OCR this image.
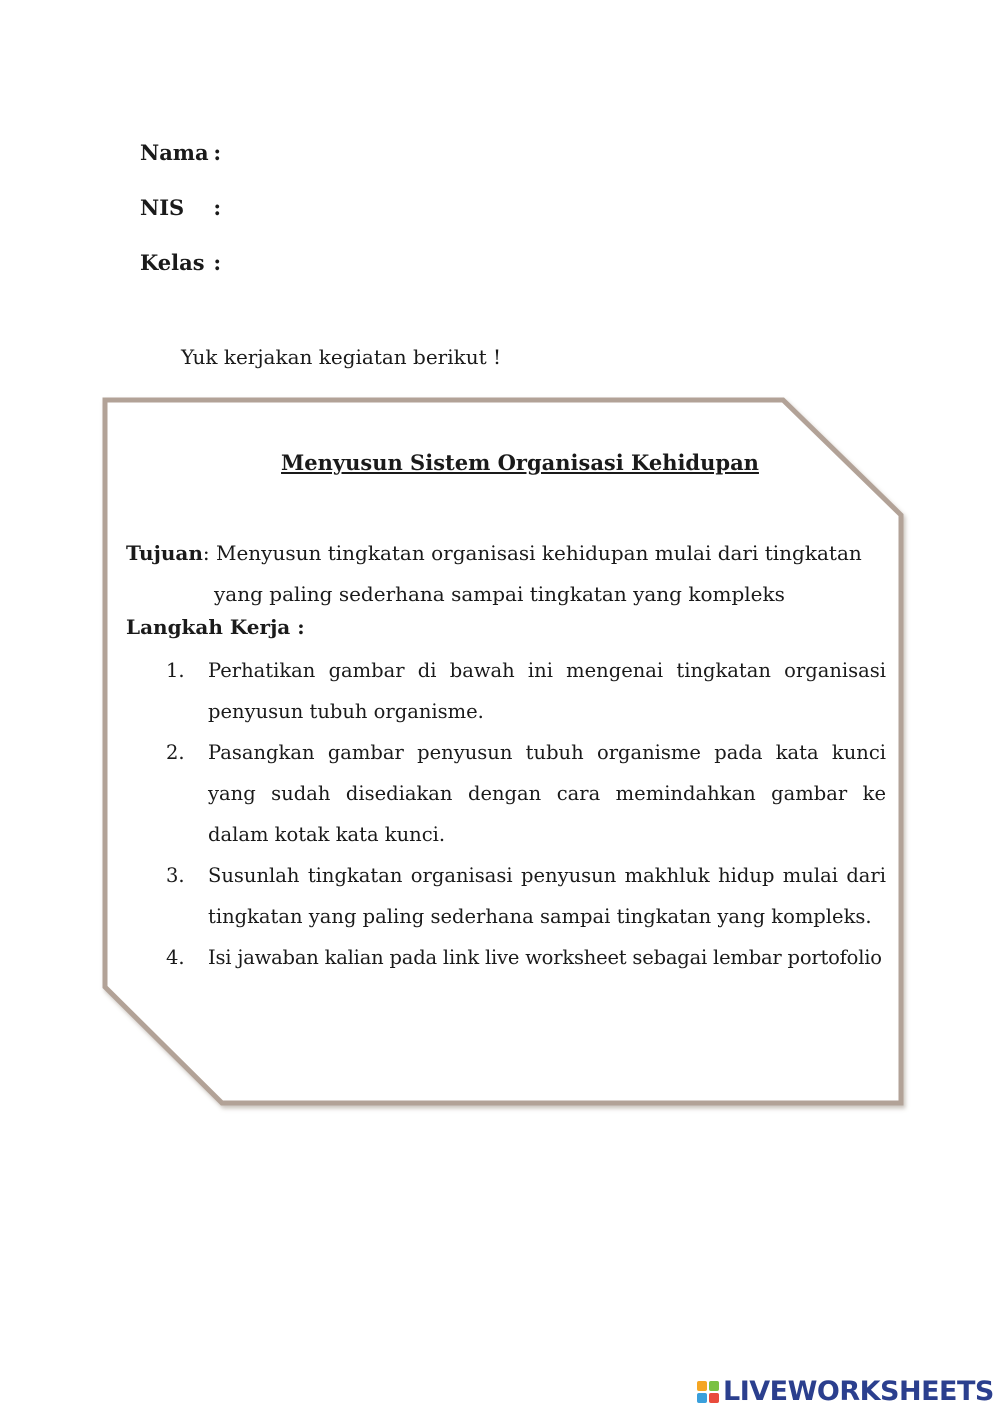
Nama :
NIS :
Kelas :
Yuk kerjakan kegiatan berikut !
Menyusun Sistem Organisasi Kehidupan
Tujuan: Menyusun tingkatan organisasi kehidupan mulai dari tingkatan
yang paling sederhana sampai tingkatan yang kompleks
Langkah Kerja :
1.	Perhatikan gambar di bawah ini mengenai tingkatan organisasi penyusun tubuh organisme.
2.	Pasangkan gambar penyusun tubuh organisme pada kata kunci yang sudah disediakan dengan cara memindahkan gambar ke dalam kotak kata kunci.
3.	Susunlah tingkatan organisasi penyusun makhluk hidup mulai dari tingkatan yang paling sederhana sampai tingkatan yang kompleks.
4.	Isi jawaban kalian pada link live worksheet sebagai lembar portofolio
LIVEWORKSHEETS
